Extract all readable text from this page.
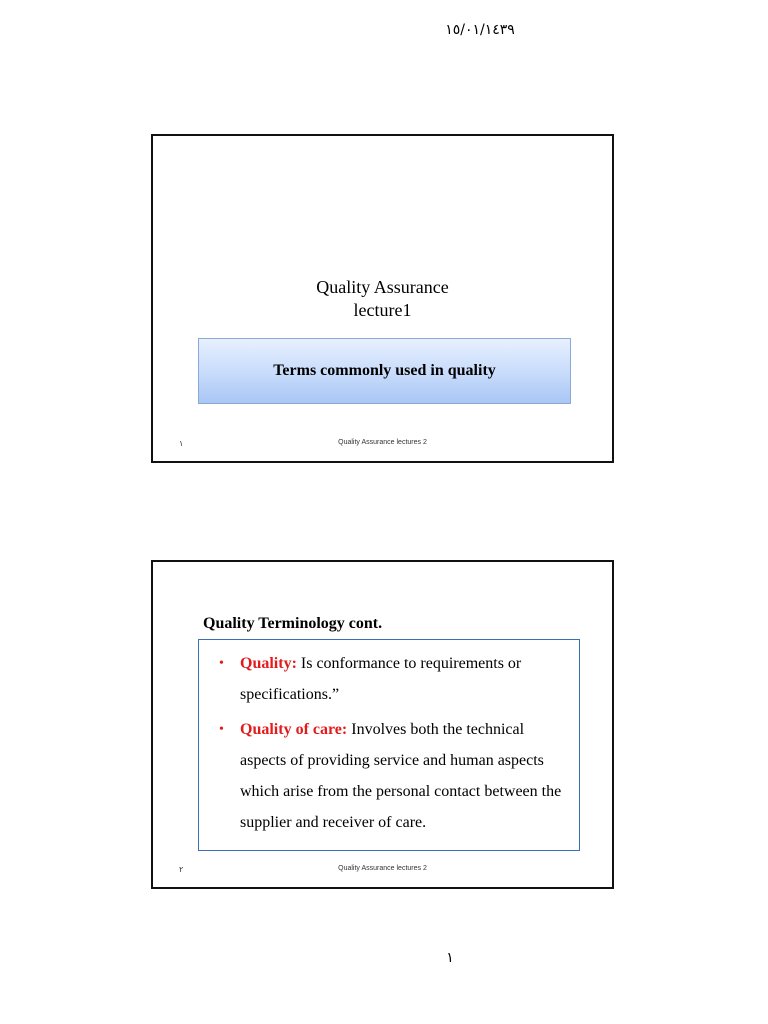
١٥/٠١/١٤٣٩
Quality Assurance
lecture1
Terms commonly used in quality
١	Quality Assurance lectures 2
Quality Terminology cont.
• Quality: Is conformance to requirements or specifications.”
• Quality of care: Involves both the technical aspects of providing service and human aspects which arise from the personal contact between the supplier and receiver of care.
٢	Quality Assurance lectures 2
١
